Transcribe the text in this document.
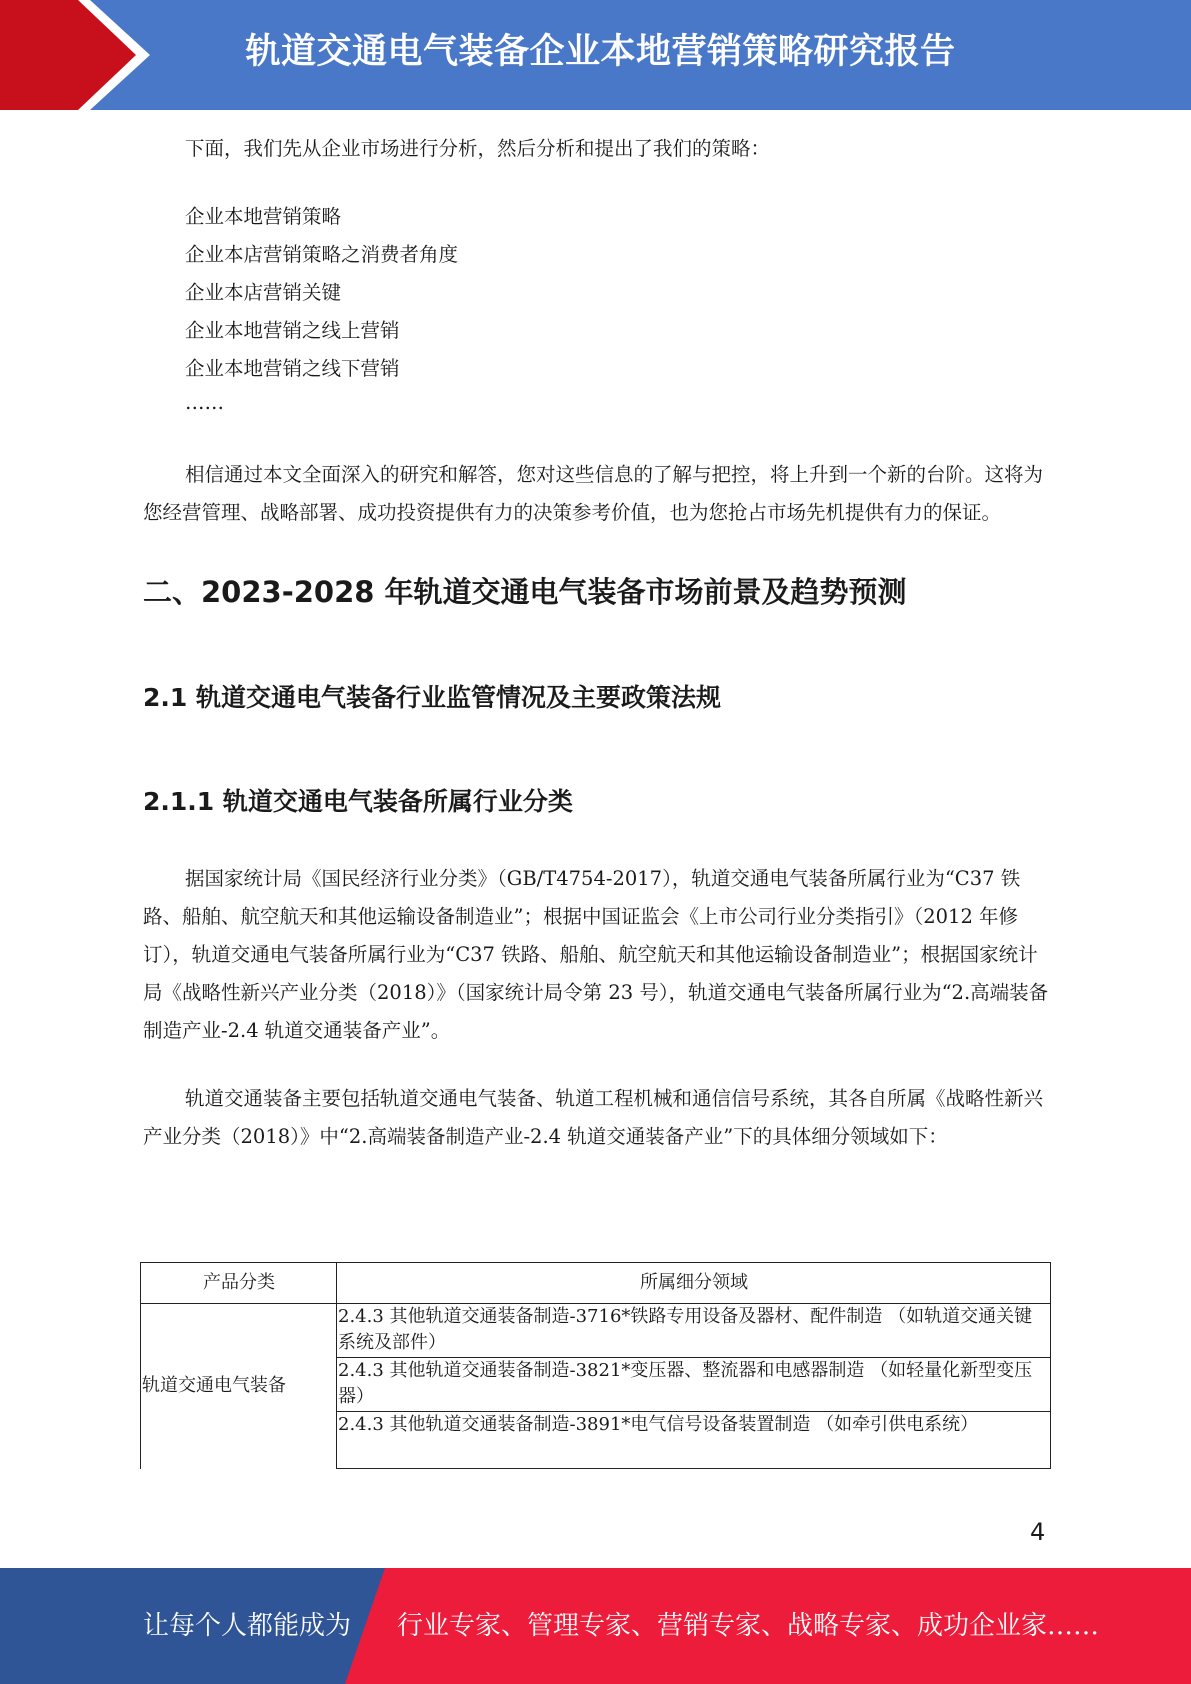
轨道交通电气装备企业本地营销策略研究报告

下面，我们先从企业市场进行分析，然后分析和提出了我们的策略：

企业本地营销策略
企业本店营销策略之消费者角度
企业本店营销关键
企业本地营销之线上营销
企业本地营销之线下营销
……

相信通过本文全面深入的研究和解答，您对这些信息的了解与把控，将上升到一个新的台阶。这将为您经营管理、战略部署、成功投资提供有力的决策参考价值，也为您抢占市场先机提供有力的保证。

二、2023-2028 年轨道交通电气装备市场前景及趋势预测
2.1 轨道交通电气装备行业监管情况及主要政策法规
2.1.1 轨道交通电气装备所属行业分类

据国家统计局《国民经济行业分类》（GB/T4754-2017），轨道交通电气装备所属行业为“C37 铁路、船舶、航空航天和其他运输设备制造业”；根据中国证监会《上市公司行业分类指引》（2012 年修订），轨道交通电气装备所属行业为“C37 铁路、船舶、航空航天和其他运输设备制造业”；根据国家统计局《战略性新兴产业分类（2018）》（国家统计局令第 23 号），轨道交通电气装备所属行业为“2.高端装备制造产业-2.4 轨道交通装备产业”。

轨道交通装备主要包括轨道交通电气装备、轨道工程机械和通信信号系统，其各自所属《战略性新兴产业分类（2018）》中“2.高端装备制造产业-2.4 轨道交通装备产业”下的具体细分领域如下：

产品分类	所属细分领域
轨道交通电气装备	2.4.3 其他轨道交通装备制造-3716*铁路专用设备及器材、配件制造 （如轨道交通关键系统及部件）
	2.4.3 其他轨道交通装备制造-3821*变压器、整流器和电感器制造 （如轻量化新型变压器）
	2.4.3 其他轨道交通装备制造-3891*电气信号设备装置制造 （如牵引供电系统）
4
让每个人都能成为 行业专家、管理专家、营销专家、战略专家、成功企业家……
